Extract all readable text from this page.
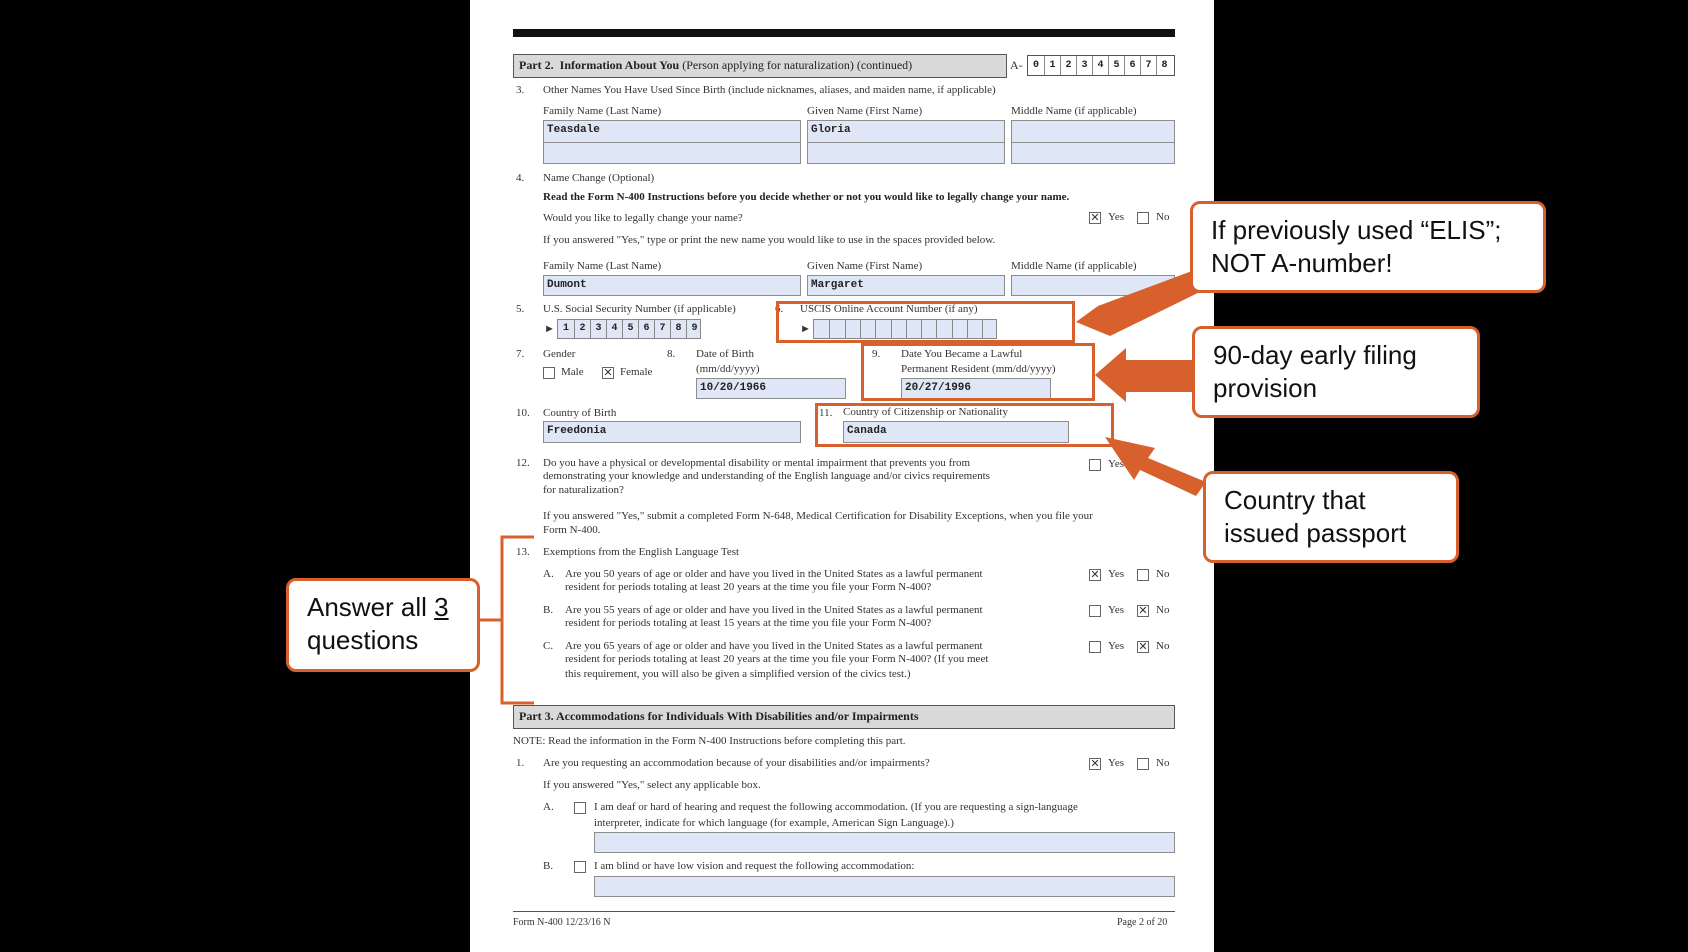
Part 2. Information About You (Person applying for naturalization) (continued)	A-	0	1 2 3 4 5 6 7 8
3. Other Names You Have Used Since Birth (include nicknames, aliases, and maiden name, if applicable)
Family Name (Last Name)	Given Name (First Name)	Middle Name (if applicable)
Teasdale	Gloria
4. Name Change (Optional)
Read the Form N-400 Instructions before you decide whether or not you would like to legally change your name.
Would you like to legally change your name?	✕ Yes	No
If you answered "Yes," type or print the new name you would like to use in the spaces provided below.
Family Name (Last Name)	Given Name (First Name)	Middle Name (if applicable)
Dumont	Margaret
5. U.S. Social Security Number (if applicable)
► 1	2 3 4 5 6 7 8 9
6. USCIS Online Account Number (if any)
►
7. Gender
Male ✕ Female
8. Date of Birth
(mm/dd/yyyy)
10/20/1966
9. Date You Became a Lawful
Permanent Resident (mm/dd/yyyy)
20/27/1996
10. Country of Birth
Freedonia
11. Country of Citizenship or Nationality
Canada
12. Do you have a physical or developmental disability or mental impairment that prevents you from
demonstrating your knowledge and understanding of the English language and/or civics requirements
for naturalization?
Yes
If you answered "Yes," submit a completed Form N-648, Medical Certification for Disability Exceptions, when you file your
Form N-400.
13. Exemptions from the English Language Test
A. Are you 50 years of age or older and have you lived in the United States as a lawful permanent
resident for periods totaling at least 20 years at the time you file your Form N-400?
✕ Yes	No
B. Are you 55 years of age or older and have you lived in the United States as a lawful permanent
resident for periods totaling at least 15 years at the time you file your Form N-400?
Yes ✕ No
C. Are you 65 years of age or older and have you lived in the United States as a lawful permanent
resident for periods totaling at least 20 years at the time you file your Form N-400? (If you meet
this requirement, you will also be given a simplified version of the civics test.)
Yes ✕ No
Part 3. Accommodations for Individuals With Disabilities and/or Impairments
NOTE: Read the information in the Form N-400 Instructions before completing this part.
1. Are you requesting an accommodation because of your disabilities and/or impairments?	✕ Yes	No
If you answered "Yes," select any applicable box.
A.	I am deaf or hard of hearing and request the following accommodation. (If you are requesting a sign-language
interpreter, indicate for which language (for example, American Sign Language).)
B.	I am blind or have low vision and request the following accommodation:
Form N-400 12/23/16 N	Page 2 of 20
If previously used “ELIS”;
NOT A-number!
90-day early filing
provision
Country that
issued passport
Answer all 3
questions
